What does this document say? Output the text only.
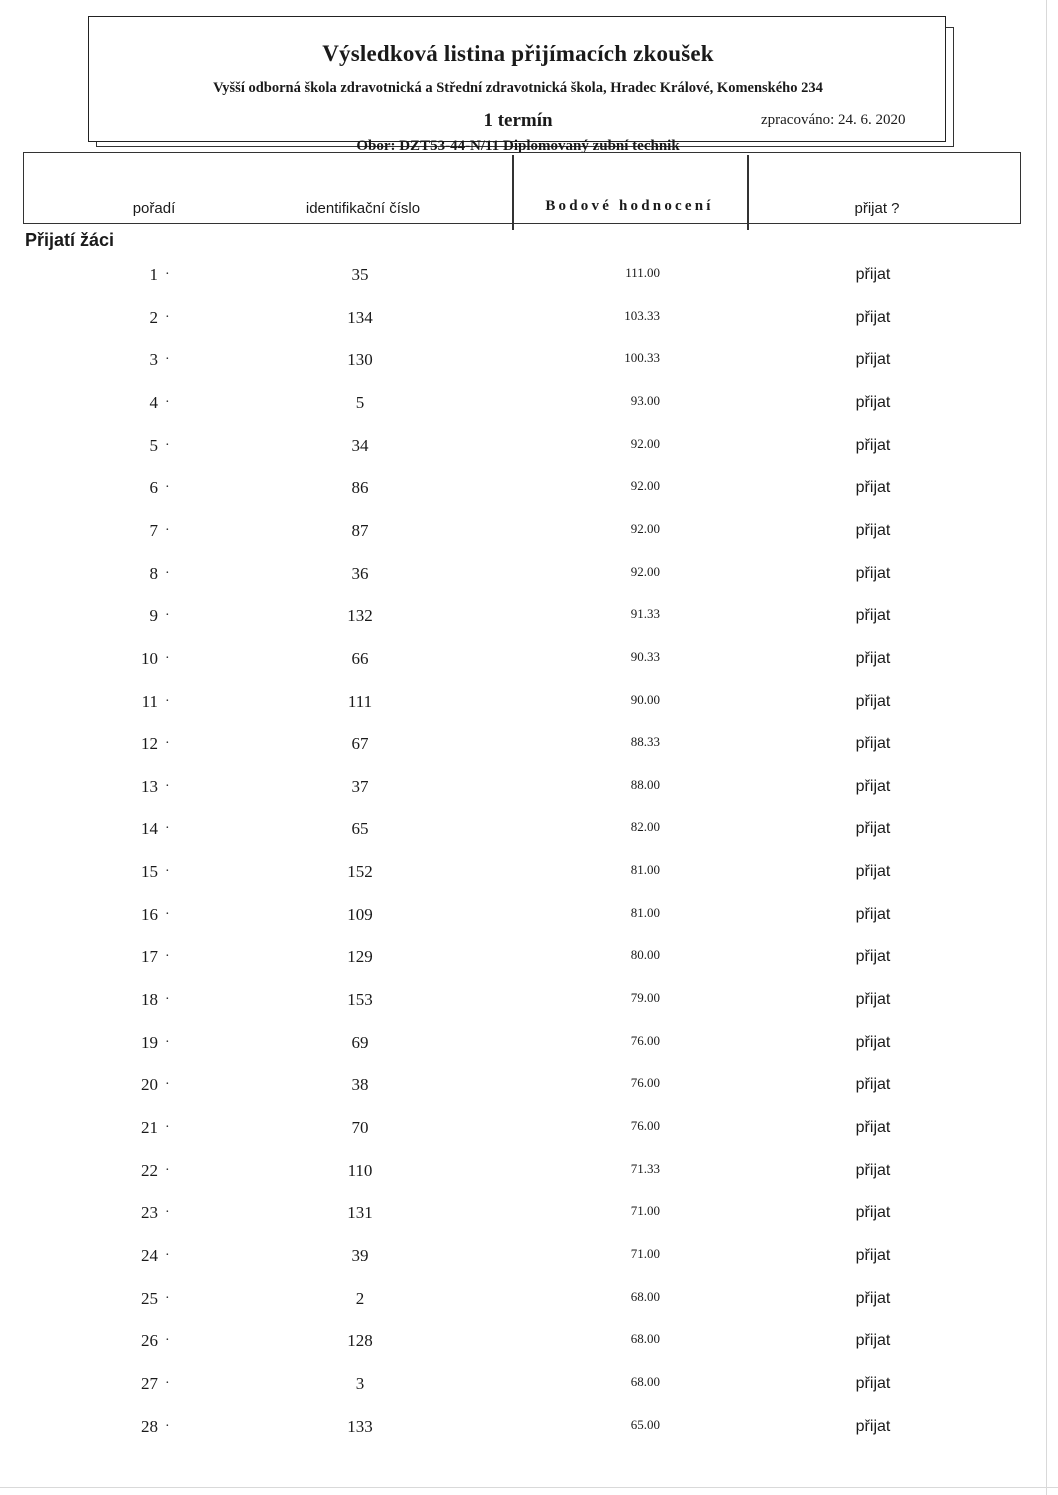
Výsledková listina přijímacích zkoušek
Vyšší odborná škola zdravotnická a Střední zdravotnická škola, Hradec Králové, Komenského 234
1 termín	zpracováno: 24. 6. 2020
Obor: DZT53-44-N/11 Diplomovaný zubní technik
pořadí	identifikační číslo	Bodové hodnocení	přijat ?
Přijatí žáci
1 ·	35	111.00	přijat
2 ·	134	103.33	přijat
3 ·	130	100.33	přijat
4 ·	5	93.00	přijat
5 ·	34	92.00	přijat
6 ·	86	92.00	přijat
7 ·	87	92.00	přijat
8 ·	36	92.00	přijat
9 ·	132	91.33	přijat
10 ·	66	90.33	přijat
11 ·	111	90.00	přijat
12 ·	67	88.33	přijat
13 ·	37	88.00	přijat
14 ·	65	82.00	přijat
15 ·	152	81.00	přijat
16 ·	109	81.00	přijat
17 ·	129	80.00	přijat
18 ·	153	79.00	přijat
19 ·	69	76.00	přijat
20 ·	38	76.00	přijat
21 ·	70	76.00	přijat
22 ·	110	71.33	přijat
23 ·	131	71.00	přijat
24 ·	39	71.00	přijat
25 ·	2	68.00	přijat
26 ·	128	68.00	přijat
27 ·	3	68.00	přijat
28 ·	133	65.00	přijat
